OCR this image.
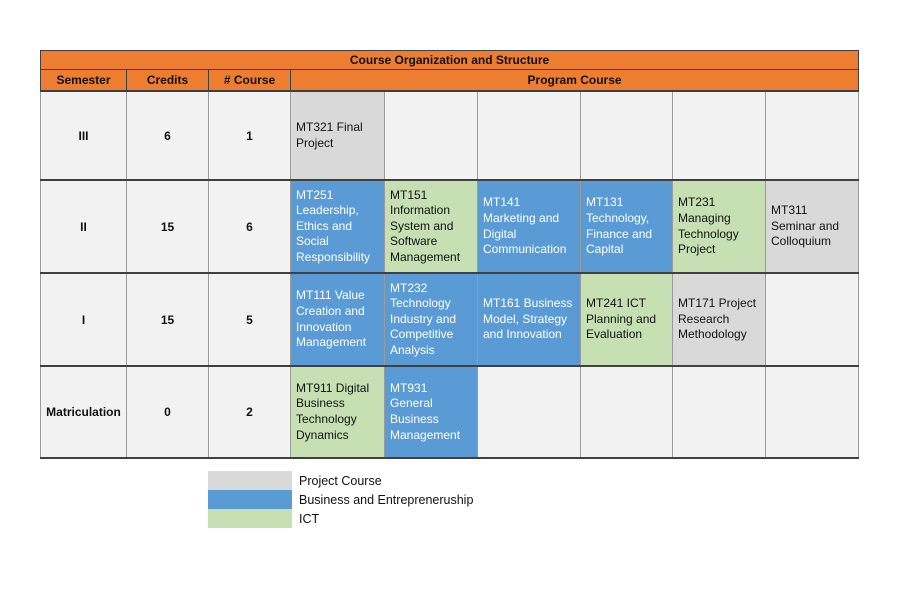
Course Organization and Structure								
Semester	Credits	# Course	Program Course					
III	6	1	MT321 Final Project					
II	15	6	MT251 Leadership, Ethics and Social Responsibility	MT151 Information System and Software Management	MT141 Marketing and Digital Communication	MT131 Technology, Finance and Capital	MT231 Managing Technology Project	MT311 Seminar and Colloquium
I	15	5	MT111 Value Creation and Innovation Management	MT232 Technology Industry and Competitive Analysis	MT161 Business Model, Strategy and Innovation	MT241 ICT Planning and Evaluation	MT171 Project Research Methodology	
Matriculation	0	2	MT911 Digital Business Technology Dynamics	MT931 General Business Management				
Project Course
Business and Entrepreneruship
ICT
